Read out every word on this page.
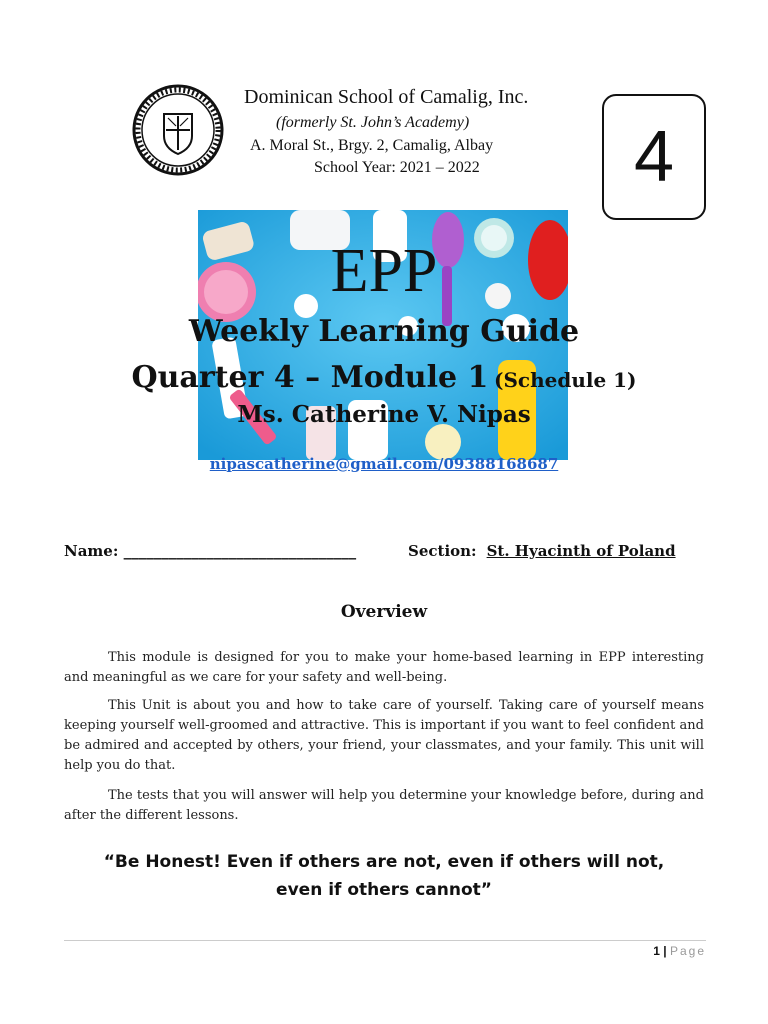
Dominican School of Camalig, Inc.
(formerly St. John’s Academy)
A. Moral St., Brgy. 2, Camalig, Albay
School Year: 2021 – 2022 4
EPP
Weekly Learning Guide
Quarter 4 – Module 1 (Schedule 1)
Ms. Catherine V. Nipas
nipascatherine@gmail.com/09388168687
Name: _______________________________	Section: St. Hyacinth of Poland
Overview
This module is designed for you to make your home-based learning in EPP interesting and meaningful as we care for your safety and well-being.
This Unit is about you and how to take care of yourself. Taking care of yourself means keeping yourself well-groomed and attractive. This is important if you want to feel confident and be admired and accepted by others, your friend, your classmates, and your family. This unit will help you do that.
The tests that you will answer will help you determine your knowledge before, during and after the different lessons.
“Be Honest! Even if others are not, even if others will not,
even if others cannot”
1 | Page
